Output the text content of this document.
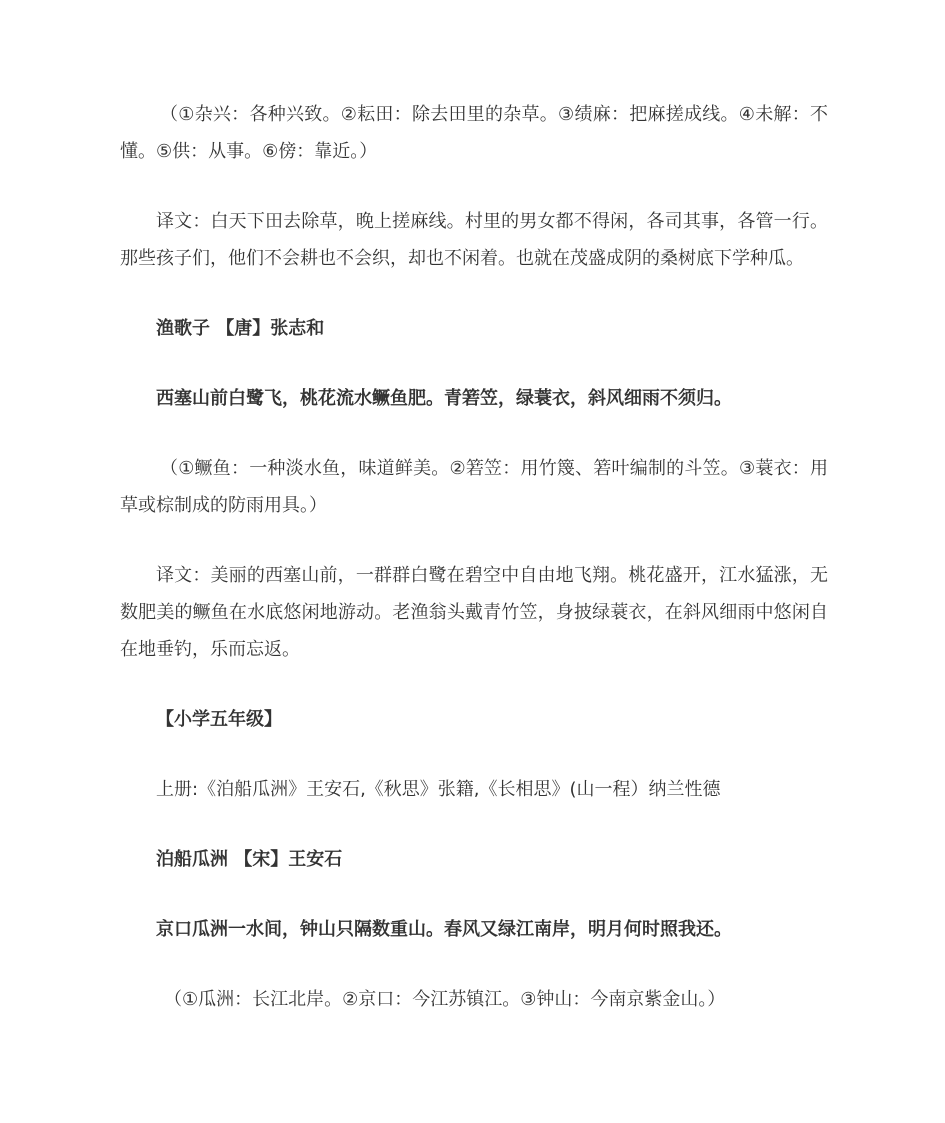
（①杂兴：各种兴致。②耘田：除去田里的杂草。③绩麻：把麻搓成线。④未解：不懂。⑤供：从事。⑥傍：靠近。）

译文：白天下田去除草，晚上搓麻线。村里的男女都不得闲，各司其事，各管一行。那些孩子们，他们不会耕也不会织，却也不闲着。也就在茂盛成阴的桑树底下学种瓜。

渔歌子 【唐】张志和

西塞山前白鹭飞，桃花流水鳜鱼肥。青箬笠，绿蓑衣，斜风细雨不须归。

（①鳜鱼：一种淡水鱼，味道鲜美。②箬笠：用竹篾、箬叶编制的斗笠。③蓑衣：用草或棕制成的防雨用具。）

译文：美丽的西塞山前，一群群白鹭在碧空中自由地飞翔。桃花盛开，江水猛涨，无数肥美的鳜鱼在水底悠闲地游动。老渔翁头戴青竹笠，身披绿蓑衣，在斜风细雨中悠闲自在地垂钓，乐而忘返。

【小学五年级】

上册:《泊船瓜洲》王安石,《秋思》张籍,《长相思》(山一程）纳兰性德

泊船瓜洲 【宋】王安石

京口瓜洲一水间，钟山只隔数重山。春风又绿江南岸，明月何时照我还。

（①瓜洲：长江北岸。②京口：今江苏镇江。③钟山：今南京紫金山。）
